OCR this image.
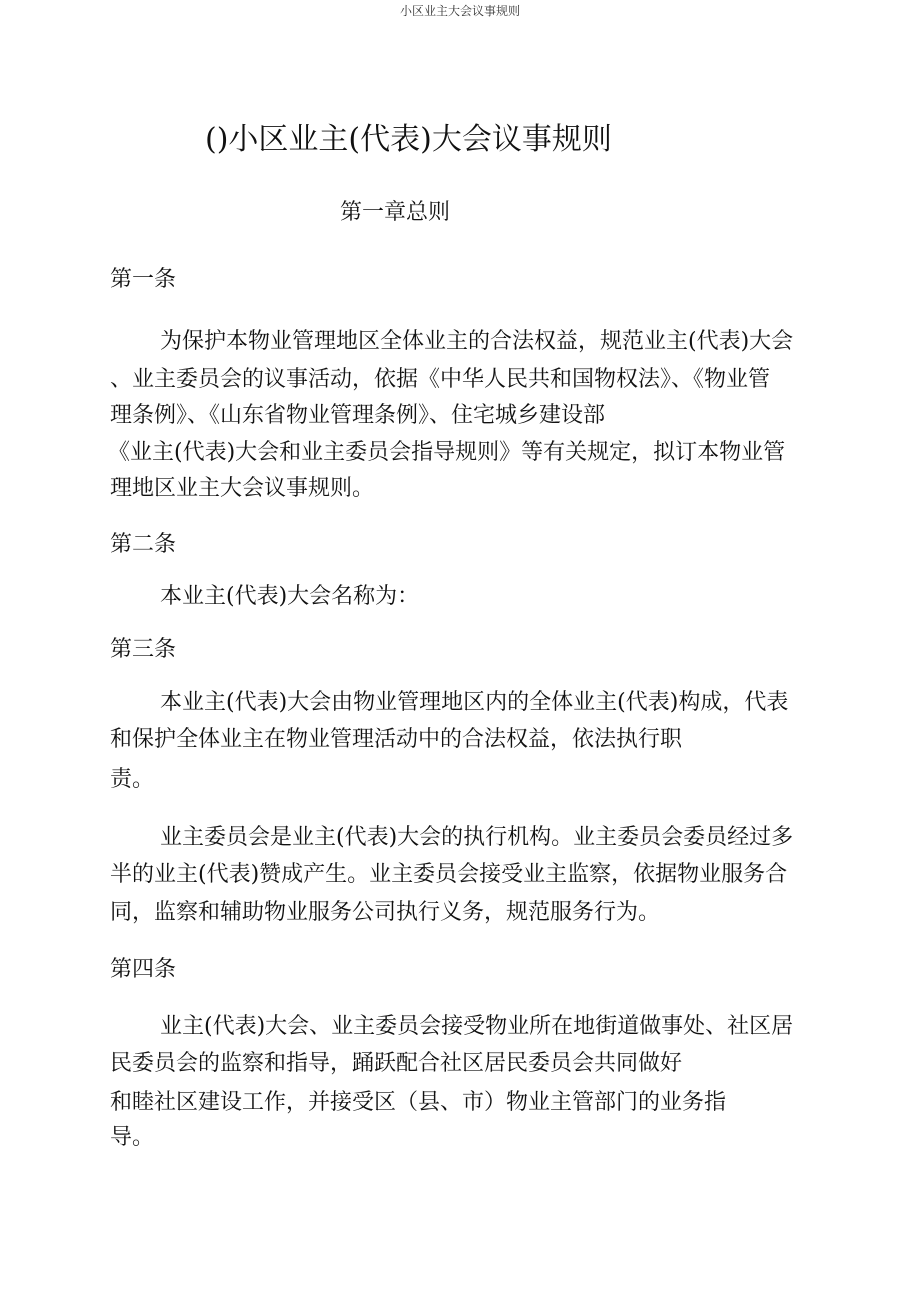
小区业主大会议事规则
()小区业主(代表)大会议事规则
第一章总则
第一条
为保护本物业管理地区全体业主的合法权益，规范业主(代表)大会
、业主委员会的议事活动，依据《中华人民共和国物权法》、《物业管
理条例》、《山东省物业管理条例》、住宅城乡建设部
《业主(代表)大会和业主委员会指导规则》等有关规定，拟订本物业管
理地区业主大会议事规则。
第二条
本业主(代表)大会名称为：
第三条
本业主(代表)大会由物业管理地区内的全体业主(代表)构成，代表
和保护全体业主在物业管理活动中的合法权益，依法执行职
责。
业主委员会是业主(代表)大会的执行机构。业主委员会委员经过多
半的业主(代表)赞成产生。业主委员会接受业主监察，依据物业服务合
同，监察和辅助物业服务公司执行义务，规范服务行为。
第四条
业主(代表)大会、业主委员会接受物业所在地街道做事处、社区居
民委员会的监察和指导，踊跃配合社区居民委员会共同做好
和睦社区建设工作，并接受区（县、市）物业主管部门的业务指
导。
